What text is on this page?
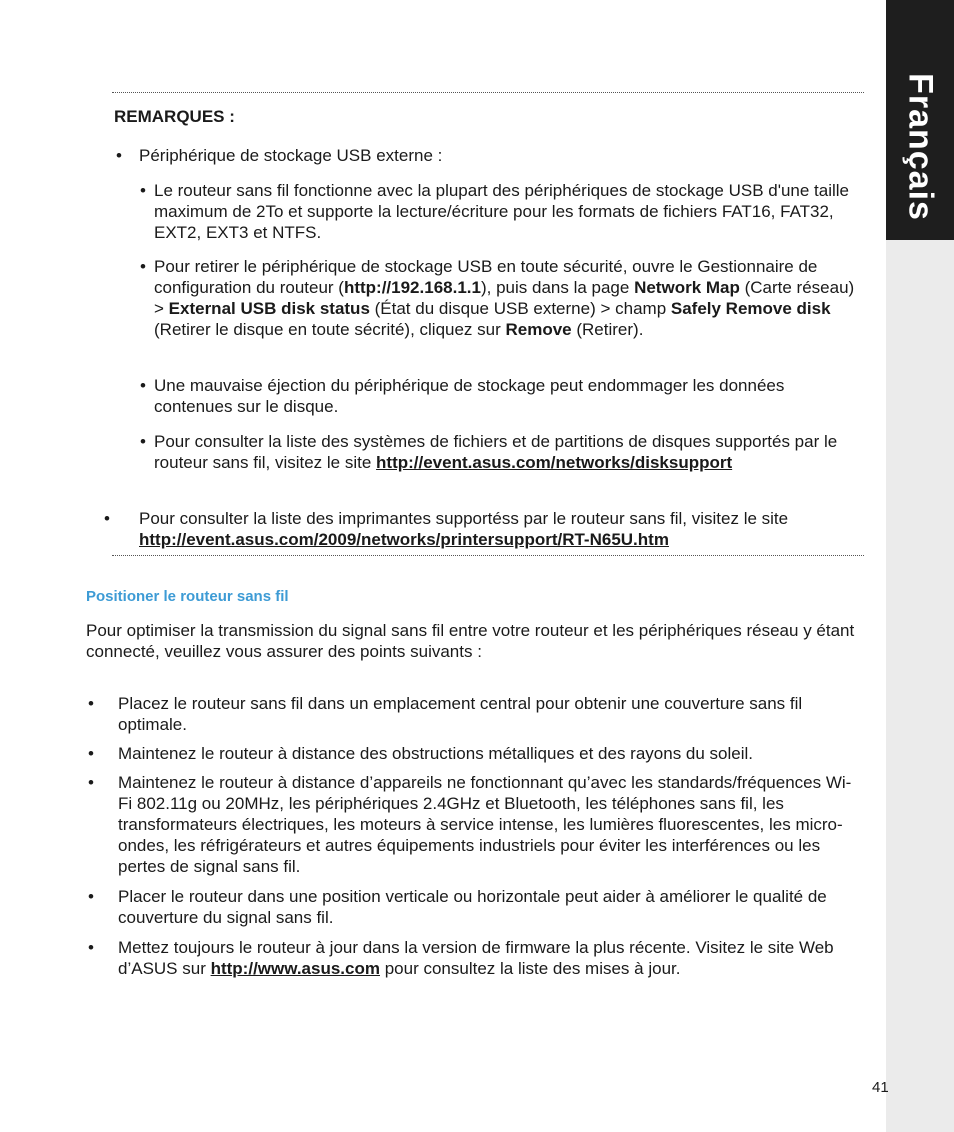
Français
REMARQUES :
• Périphérique de stockage USB externe :
• Le routeur sans fil fonctionne avec la plupart des périphériques de stockage USB d'une taille maximum de 2To et supporte la lecture/écriture pour les formats de fichiers FAT16, FAT32, EXT2, EXT3 et NTFS.
• Pour retirer le périphérique de stockage USB en toute sécurité, ouvre le Gestionnaire de configuration du routeur (http://192.168.1.1), puis dans la page Network Map (Carte réseau) > External USB disk status (État du disque USB externe) > champ Safely Remove disk (Retirer le disque en toute sécrité), cliquez sur Remove (Retirer).
• Une mauvaise éjection du périphérique de stockage peut endommager les données contenues sur le disque.
• Pour consulter la liste des systèmes de fichiers et de partitions de disques supportés par le routeur sans fil, visitez le site http://event.asus.com/networks/disksupport
• Pour consulter la liste des imprimantes supportéss par le routeur sans fil, visitez le site http://event.asus.com/2009/networks/printersupport/RT-N65U.htm
Positioner le routeur sans fil
Pour optimiser la transmission du signal sans fil entre votre routeur et les périphériques réseau y étant connecté, veuillez vous assurer des points suivants :
• Placez le routeur sans fil dans un emplacement central pour obtenir une couverture sans fil optimale.
• Maintenez le routeur à distance des obstructions métalliques et des rayons du soleil.
• Maintenez le routeur à distance d’appareils ne fonctionnant qu’avec les standards/fréquences Wi-Fi 802.11g ou 20MHz, les périphériques 2.4GHz et Bluetooth, les téléphones sans fil, les transformateurs électriques, les moteurs à service intense, les lumières fluorescentes, les micro-ondes, les réfrigérateurs et autres équipements industriels pour éviter les interférences ou les pertes de signal sans fil.
• Placer le routeur dans une position verticale ou horizontale peut aider à améliorer le qualité de couverture du signal sans fil.
• Mettez toujours le routeur à jour dans la version de firmware la plus récente. Visitez le site Web d’ASUS sur http://www.asus.com pour consultez la liste des mises à jour.
41
